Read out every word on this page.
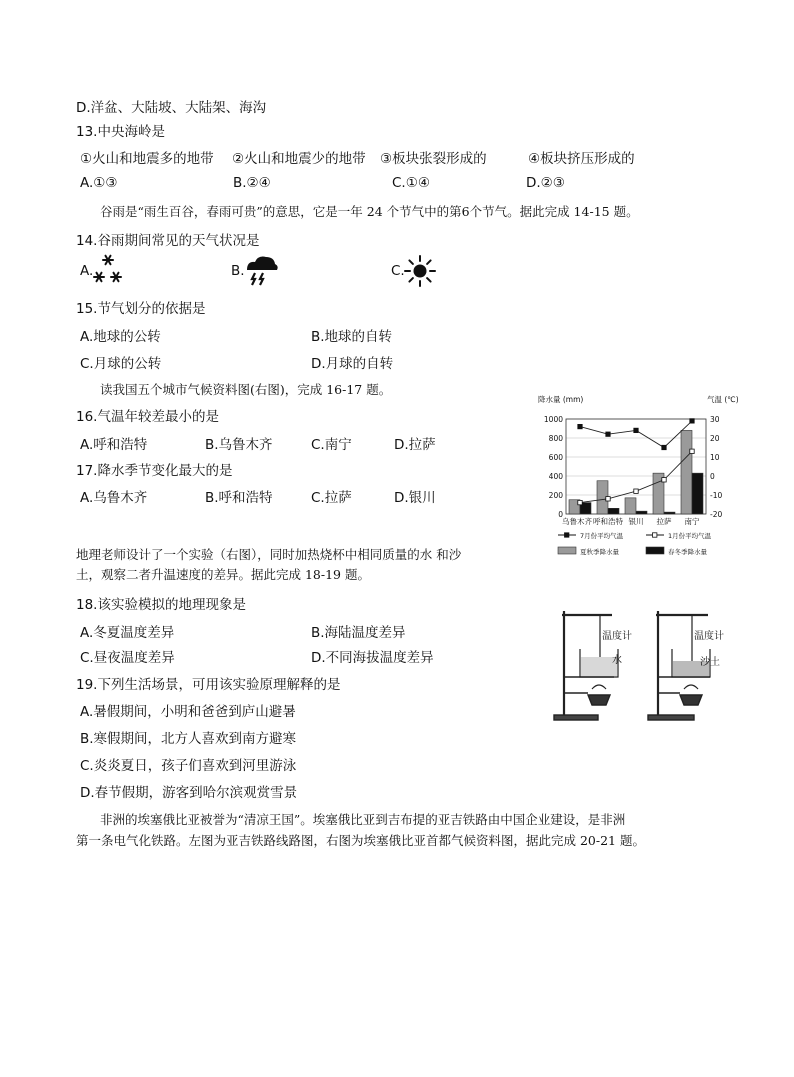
D.洋盆、大陆坡、大陆架、海沟
13.中央海岭是
①火山和地震多的地带 ②火山和地震少的地带 ③板块张裂形成的	④板块挤压形成的
A.①③	B.②④	C.①④	D.②③
谷雨是“雨生百谷，春雨可贵”的意思，它是一年 24 个节气中的第6个节气。据此完成 14-15 题。
14.谷雨期间常见的天气状况是
A.	B.	C.
15.节气划分的依据是
A.地球的公转	B.地球的自转
C.月球的公转	D.月球的自转
读我国五个城市气候资料图(右图)，完成 16-17 题。
16.气温年较差最小的是
A.呼和浩特	B.乌鲁木齐	C.南宁	D.拉萨
17.降水季节变化最大的是
A.乌鲁木齐	B.呼和浩特	C.拉萨	D.银川
地理老师设计了一个实验（右图），同时加热烧杯中相同质量的水 和沙
土，观察二者升温速度的差异。据此完成 18-19 题。
18.该实验模拟的地理现象是
A.冬夏温度差异	B.海陆温度差异
C.昼夜温度差异	D.不同海拔温度差异
19.下列生活场景，可用该实验原理解释的是
A.暑假期间，小明和爸爸到庐山避暑
B.寒假期间，北方人喜欢到南方避寒
C.炎炎夏日，孩子们喜欢到河里游泳
D.春节假期，游客到哈尔滨观赏雪景
非洲的埃塞俄比亚被誉为“清凉王国”。埃塞俄比亚到吉布提的亚吉铁路由中国企业建设，是非洲
第一条电气化铁路。左图为亚吉铁路线路图，右图为埃塞俄比亚首都气候资料图，据此完成 20-21 题。
降水量 (mm)	气温 (℃)
0
200
400
600
800
1000
-20
-10
0
10
20
30
乌鲁木齐 呼和浩特 银川 拉萨 南宁
7月份平均气温	1月份平均气温
夏秋季降水量	春冬季降水量
温度计
水
温度计
沙土
